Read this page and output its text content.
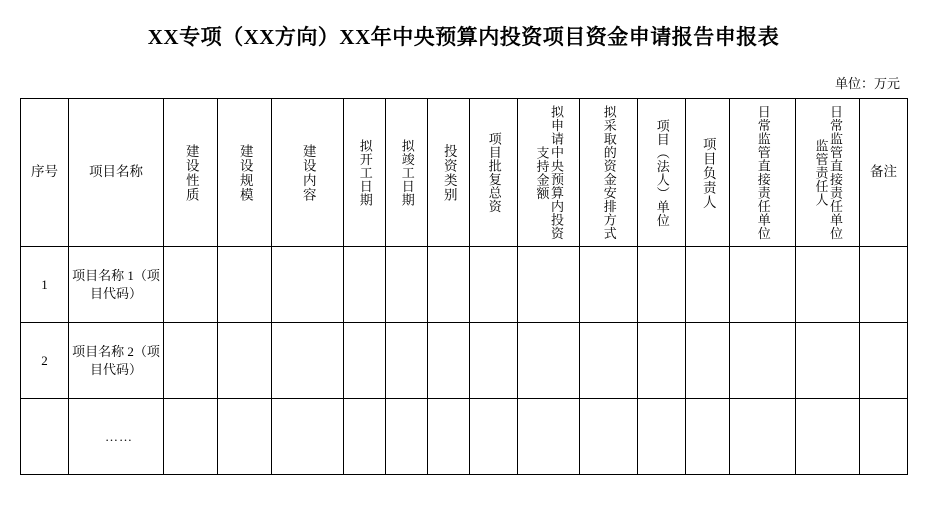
XX专项（XX方向）XX年中央预算内投资项目资金申请报告申报表
单位：万元
序号	项目名称	建设性质	建设规模	建设内容	拟开工日期	拟竣工日期	投资类别	项目批复总资	拟申请中央预算内投资支持金额	拟采取的资金安排方式	项目（法人）单位	项目负责人	日常监管直接责任单位	日常监管直接责任单位监管责任人	备注

1	项目名称 1（项目代码）														
2	项目名称 2（项目代码）														
	……														
